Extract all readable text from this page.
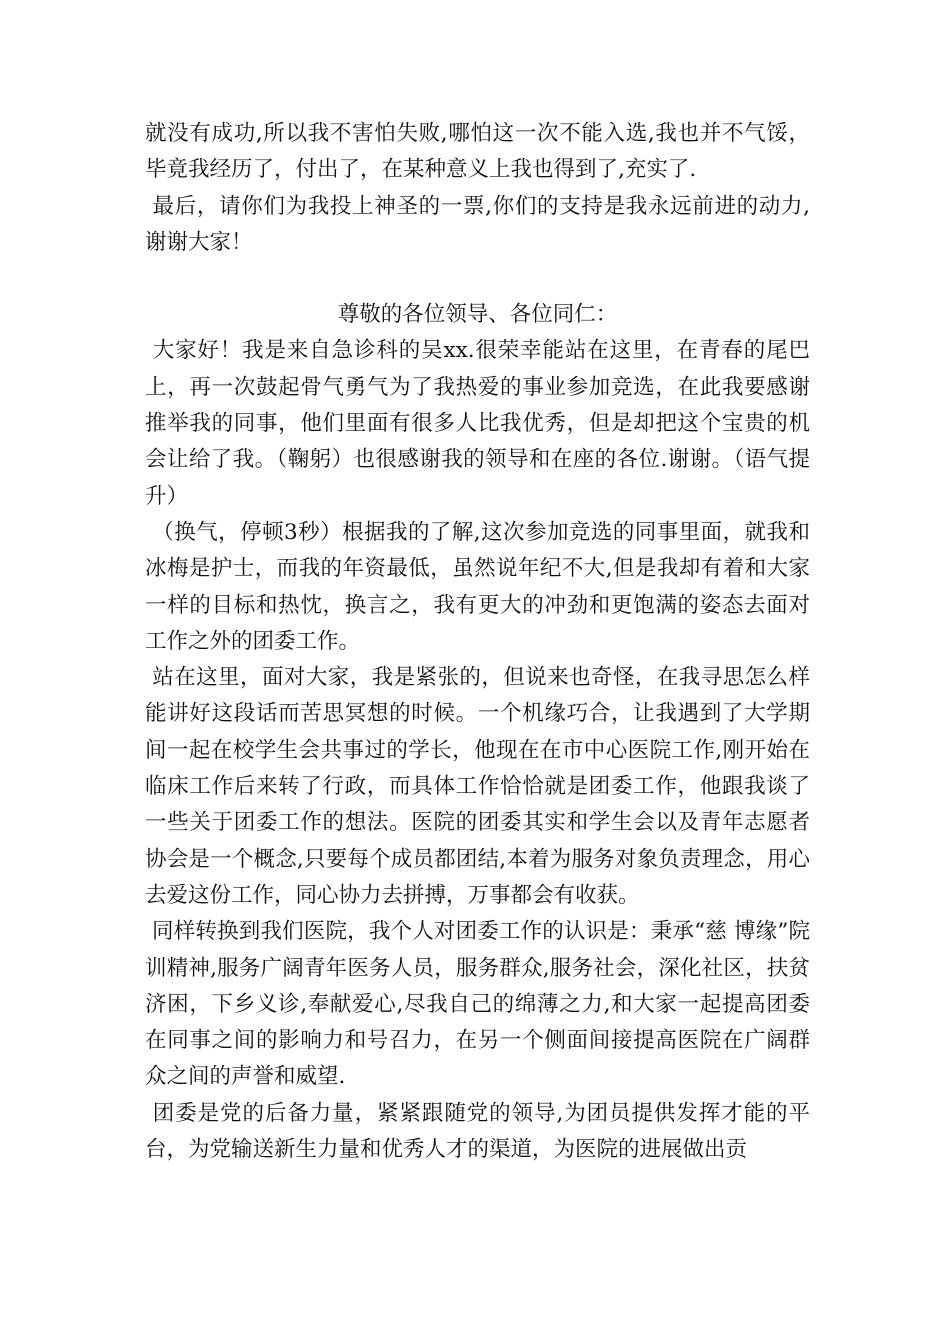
就没有成功,所以我不害怕失败,哪怕这一次不能入选,我也并不气馁，毕竟我经历了，付出了，在某种意义上我也得到了,充实了.

最后，请你们为我投上神圣的一票,你们的支持是我永远前进的动力,谢谢大家！

尊敬的各位领导、各位同仁：

大家好！我是来自急诊科的吴xx.很荣幸能站在这里，在青春的尾巴上，再一次鼓起骨气勇气为了我热爱的事业参加竞选，在此我要感谢推举我的同事，他们里面有很多人比我优秀，但是却把这个宝贵的机会让给了我。（鞠躬）也很感谢我的领导和在座的各位.谢谢。（语气提升）

（换气，停顿3秒）根据我的了解,这次参加竞选的同事里面，就我和冰梅是护士，而我的年资最低，虽然说年纪不大,但是我却有着和大家一样的目标和热忱，换言之，我有更大的冲劲和更饱满的姿态去面对工作之外的团委工作。

站在这里，面对大家，我是紧张的，但说来也奇怪，在我寻思怎么样能讲好这段话而苦思冥想的时候。一个机缘巧合，让我遇到了大学期间一起在校学生会共事过的学长，他现在在市中心医院工作,刚开始在临床工作后来转了行政，而具体工作恰恰就是团委工作，他跟我谈了一些关于团委工作的想法。医院的团委其实和学生会以及青年志愿者协会是一个概念,只要每个成员都团结,本着为服务对象负责理念，用心去爱这份工作，同心协力去拼搏，万事都会有收获。

同样转换到我们医院，我个人对团委工作的认识是：秉承“慈 博缘”院训精神,服务广阔青年医务人员，服务群众,服务社会，深化社区，扶贫济困，下乡义诊,奉献爱心,尽我自己的绵薄之力,和大家一起提高团委在同事之间的影响力和号召力，在另一个侧面间接提高医院在广阔群众之间的声誉和威望.

团委是党的后备力量，紧紧跟随党的领导,为团员提供发挥才能的平台，为党输送新生力量和优秀人才的渠道，为医院的进展做出贡
